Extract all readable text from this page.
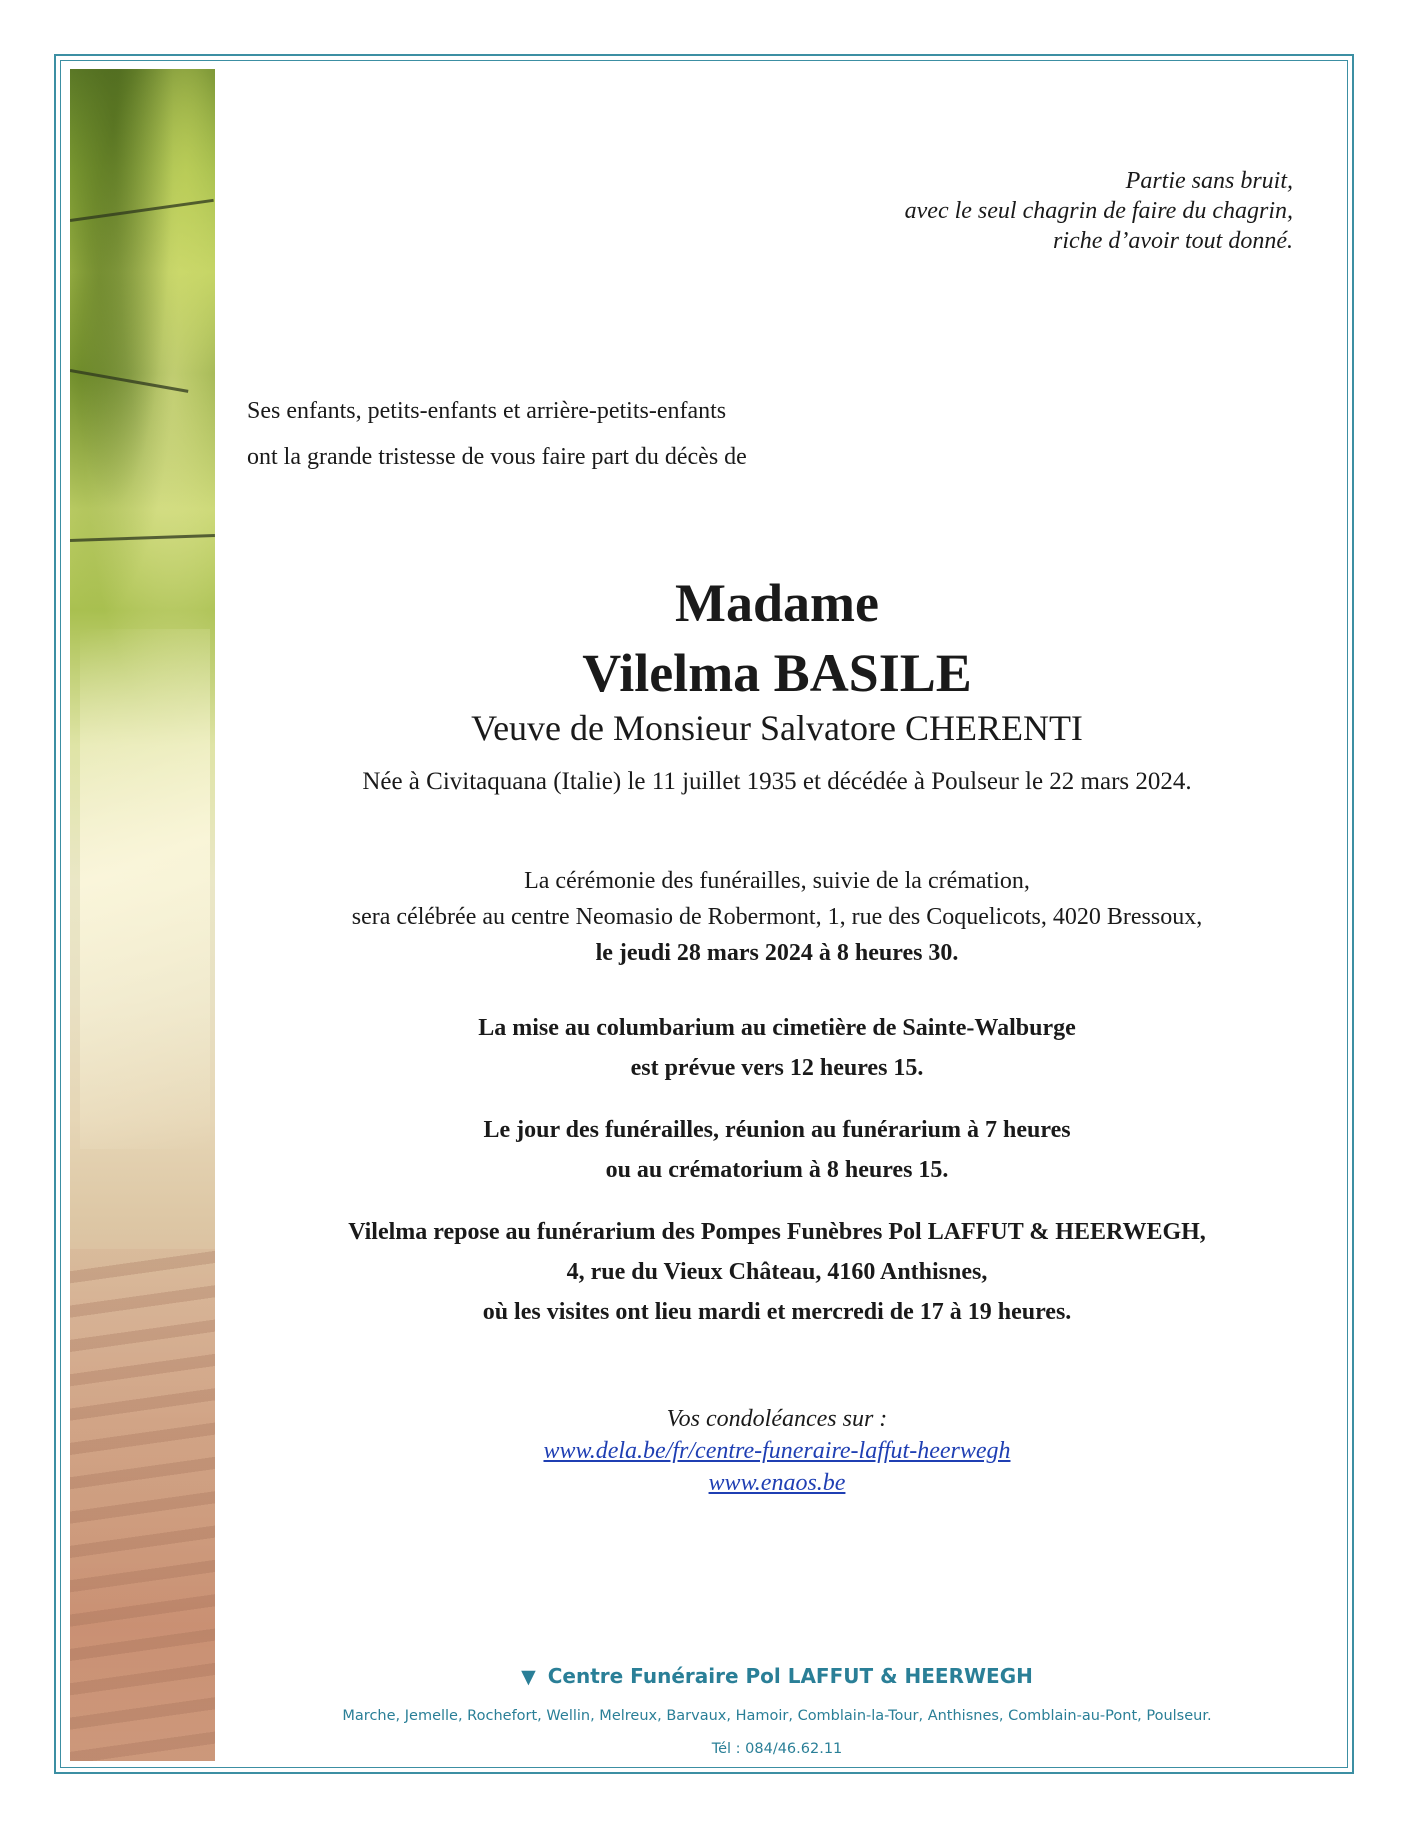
Partie sans bruit,
avec le seul chagrin de faire du chagrin,
riche d’avoir tout donné.
Ses enfants, petits-enfants et arrière-petits-enfants
ont la grande tristesse de vous faire part du décès de
Madame
Vilelma BASILE
Veuve de Monsieur Salvatore CHERENTI
Née à Civitaquana (Italie) le 11 juillet 1935 et décédée à Poulseur le 22 mars 2024.
La cérémonie des funérailles, suivie de la crémation,
sera célébrée au centre Neomasio de Robermont, 1, rue des Coquelicots, 4020 Bressoux,
le jeudi 28 mars 2024 à 8 heures 30.
La mise au columbarium au cimetière de Sainte-Walburge
est prévue vers 12 heures 15.
Le jour des funérailles, réunion au funérarium à 7 heures
ou au crématorium à 8 heures 15.
Vilelma repose au funérarium des Pompes Funèbres Pol LAFFUT & HEERWEGH,
4, rue du Vieux Château, 4160 Anthisnes,
où les visites ont lieu mardi et mercredi de 17 à 19 heures.
Vos condoléances sur :
www.dela.be/fr/centre-funeraire-laffut-heerwegh
www.enaos.be
▼ Centre Funéraire Pol LAFFUT & HEERWEGH
Marche, Jemelle, Rochefort, Wellin, Melreux, Barvaux, Hamoir, Comblain-la-Tour, Anthisnes, Comblain-au-Pont, Poulseur.
Tél : 084/46.62.11
